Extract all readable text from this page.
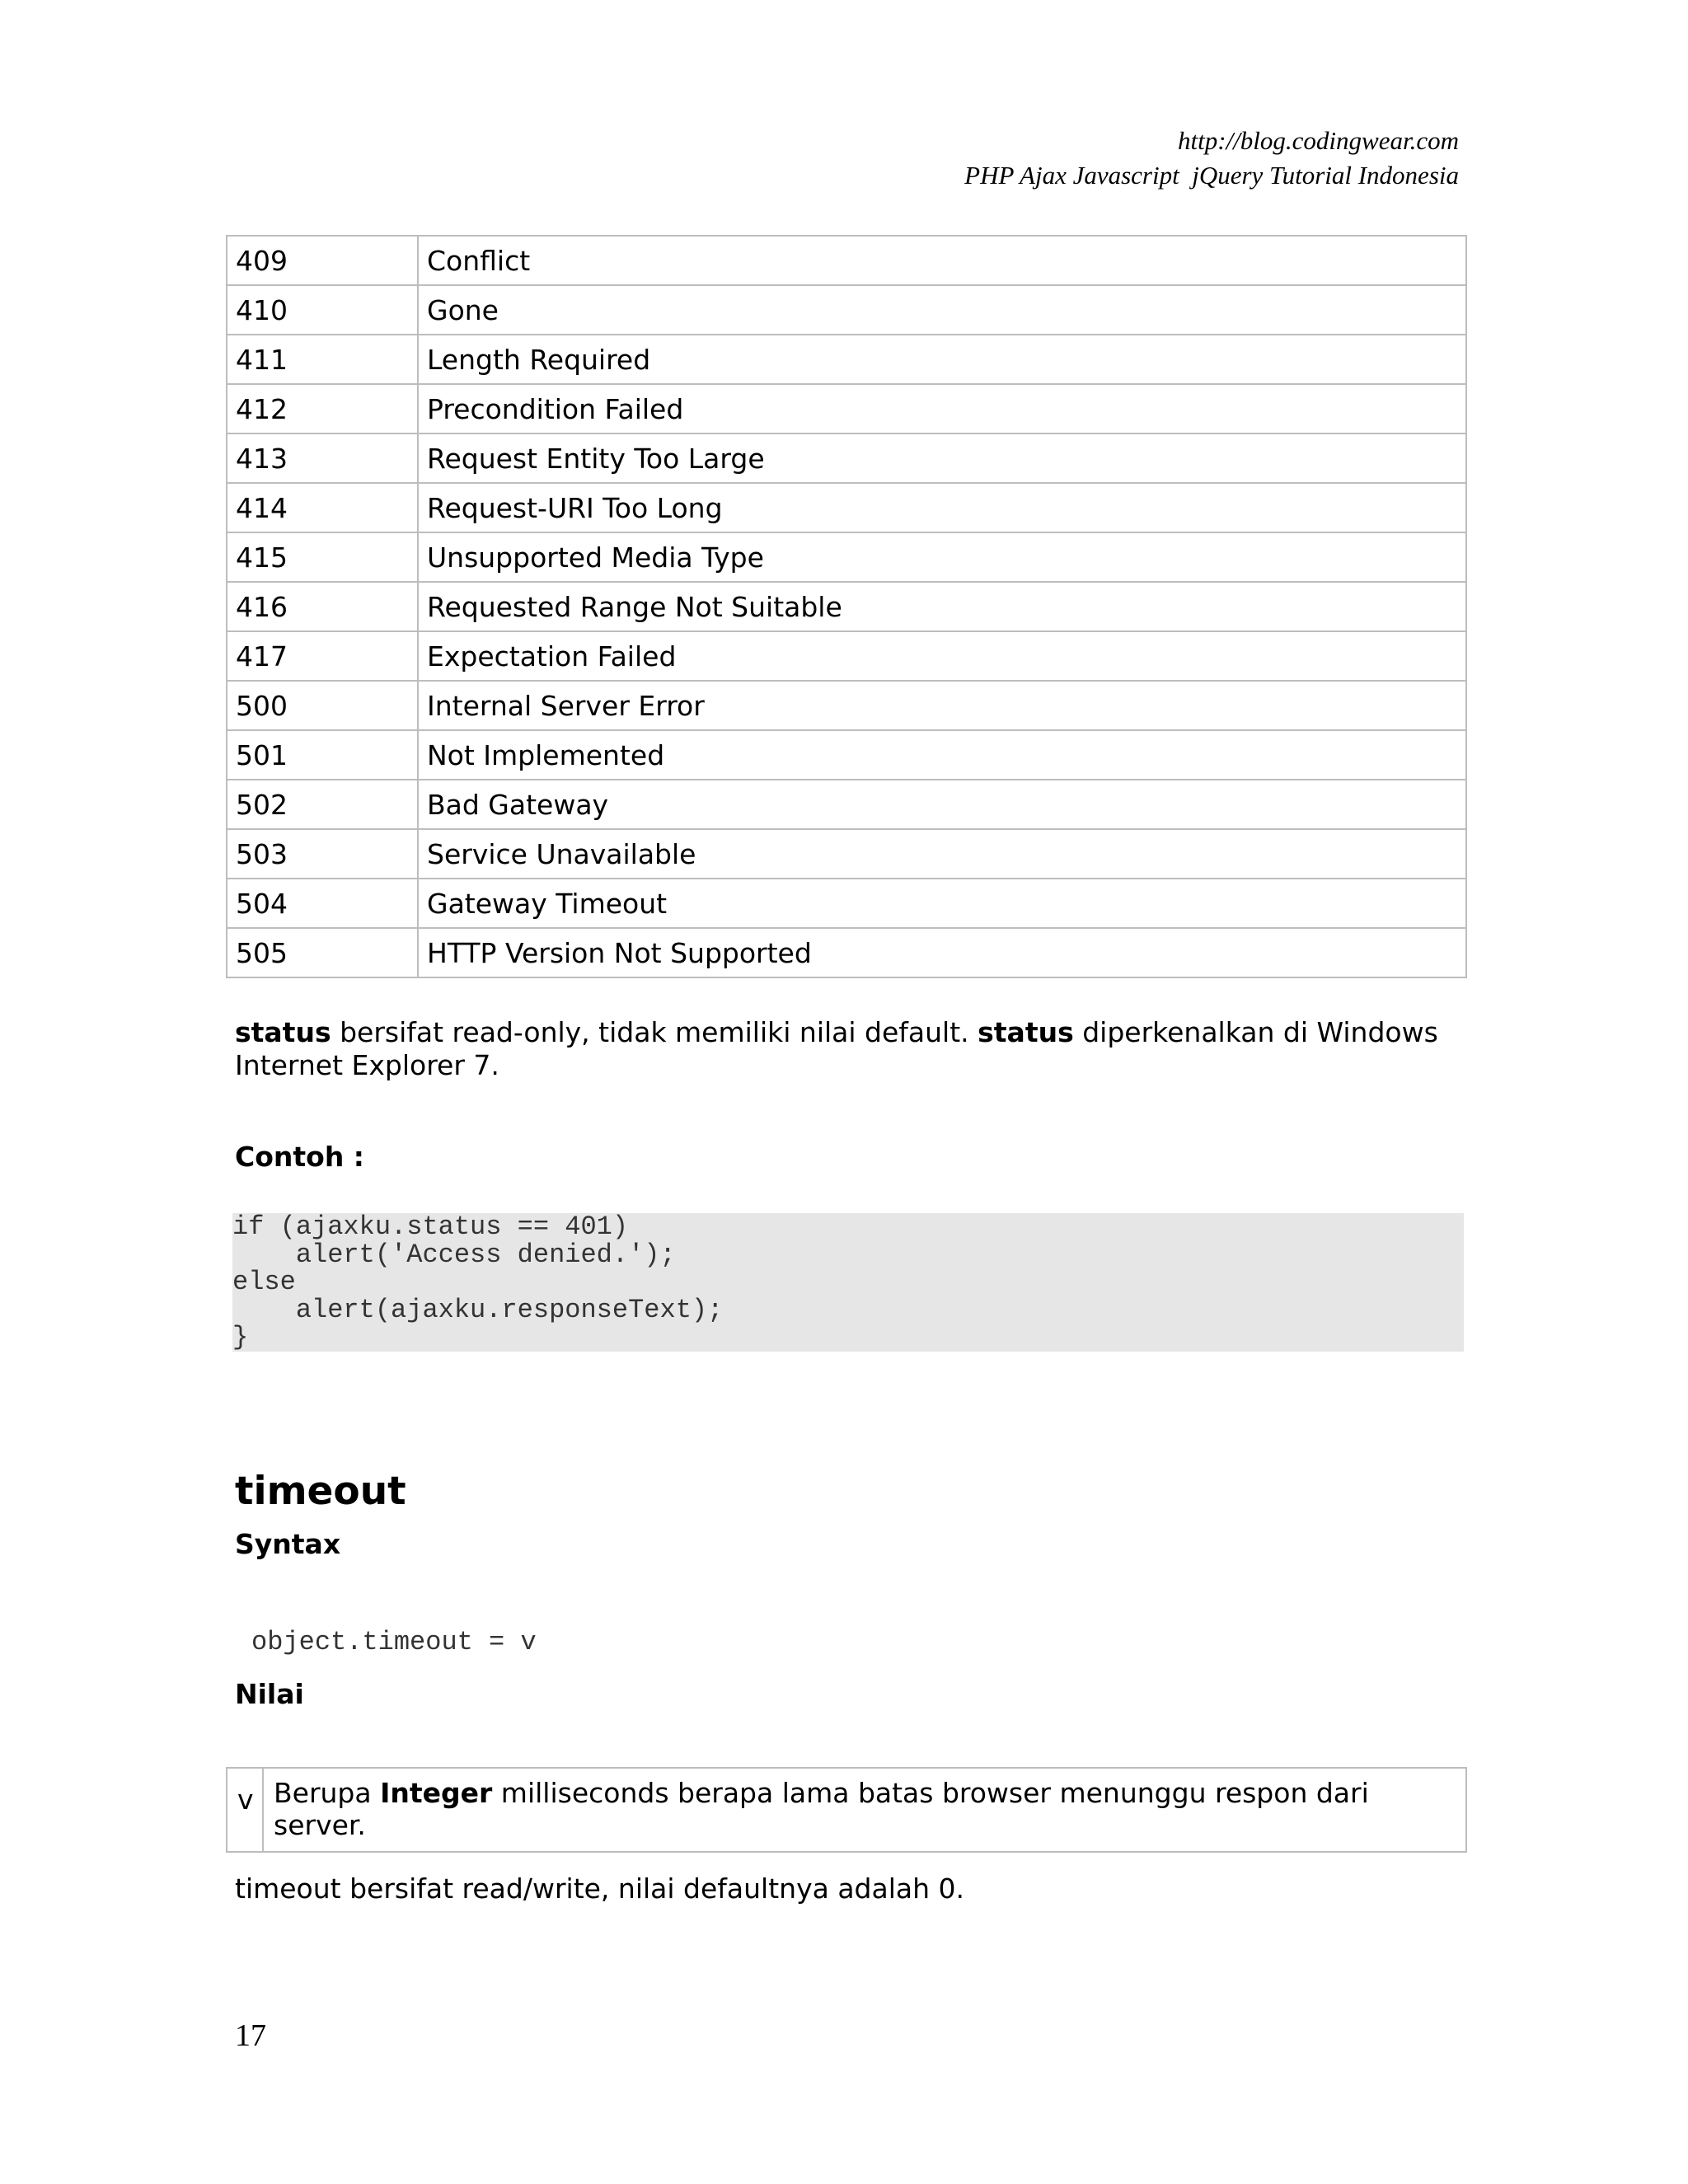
http://blog.codingwear.com
PHP Ajax Javascript  jQuery Tutorial Indonesia
409	Conflict
410	Gone
411	Length Required
412	Precondition Failed
413	Request Entity Too Large
414	Request-URI Too Long
415	Unsupported Media Type
416	Requested Range Not Suitable
417	Expectation Failed
500	Internal Server Error
501	Not Implemented
502	Bad Gateway
503	Service Unavailable
504	Gateway Timeout
505	HTTP Version Not Supported

status bersifat read-only, tidak memiliki nilai default. status diperkenalkan di Windows Internet Explorer 7.

Contoh :

if (ajaxku.status == 401)
alert('Access denied.');
else
alert(ajaxku.responseText);
}
timeout

Syntax

object.timeout = v

Nilai

v	Berupa Integer milliseconds berapa lama batas browser menunggu respon dari server.

timeout bersifat read/write, nilai defaultnya adalah 0.

17
